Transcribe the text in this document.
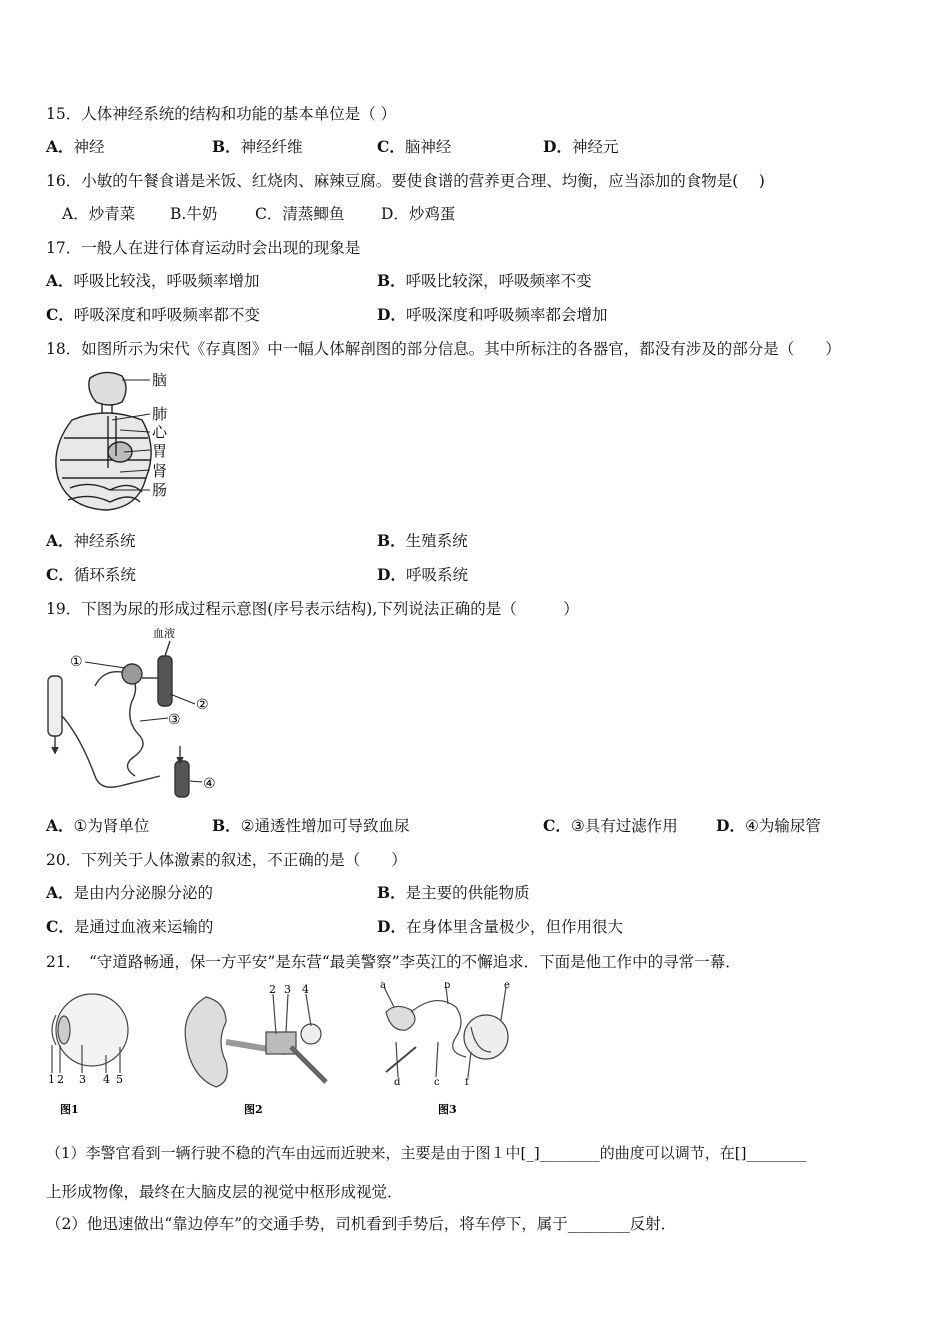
15．人体神经系统的结构和功能的基本单位是（ ）
A．神经	B．神经纤维	C．脑神经	D．神经元
16．小敏的午餐食谱是米饭、红烧肉、麻辣豆腐。要使食谱的营养更合理、均衡，应当添加的食物是(　 )
A．炒青菜 B.牛奶 C．清蒸鲫鱼 D．炒鸡蛋
17．一般人在进行体育运动时会出现的现象是
A．呼吸比较浅，呼吸频率增加	B．呼吸比较深，呼吸频率不变
C．呼吸深度和呼吸频率都不变	D．呼吸深度和呼吸频率都会增加
18．如图所示为宋代《存真图》中一幅人体解剖图的部分信息。其中所标注的各器官，都没有涉及的部分是（　　）
脑
肺
心
胃
肾
肠
A．神经系统	B．生殖系统
C．循环系统	D．呼吸系统
19．下图为尿的形成过程示意图(序号表示结构),下列说法正确的是（　　　）
血液
①
②
③
④
A．①为肾单位	B．②通透性增加可导致血尿	C．③具有过滤作用 D．④为输尿管
20．下列关于人体激素的叙述，不正确的是（　　）
A．是由内分泌腺分泌的	B．是主要的供能物质
C．是通过血液来运输的	D．在身体里含量极少，但作用很大
21．　“守道路畅通，保一方平安”是东营“最美警察”李英江的不懈追求．下面是他工作中的寻常一幕．
1 2 3 4 5
图1
2 3 4
图2
a	b
c
d
e
f
图3
（1）李警官看到一辆行驶不稳的汽车由远而近驶来，主要是由于图１中[_]________的曲度可以调节，在[]________
上形成物像，最终在大脑皮层的视觉中枢形成视觉．
（2）他迅速做出“靠边停车”的交通手势，司机看到手势后，将车停下，属于________反射．
